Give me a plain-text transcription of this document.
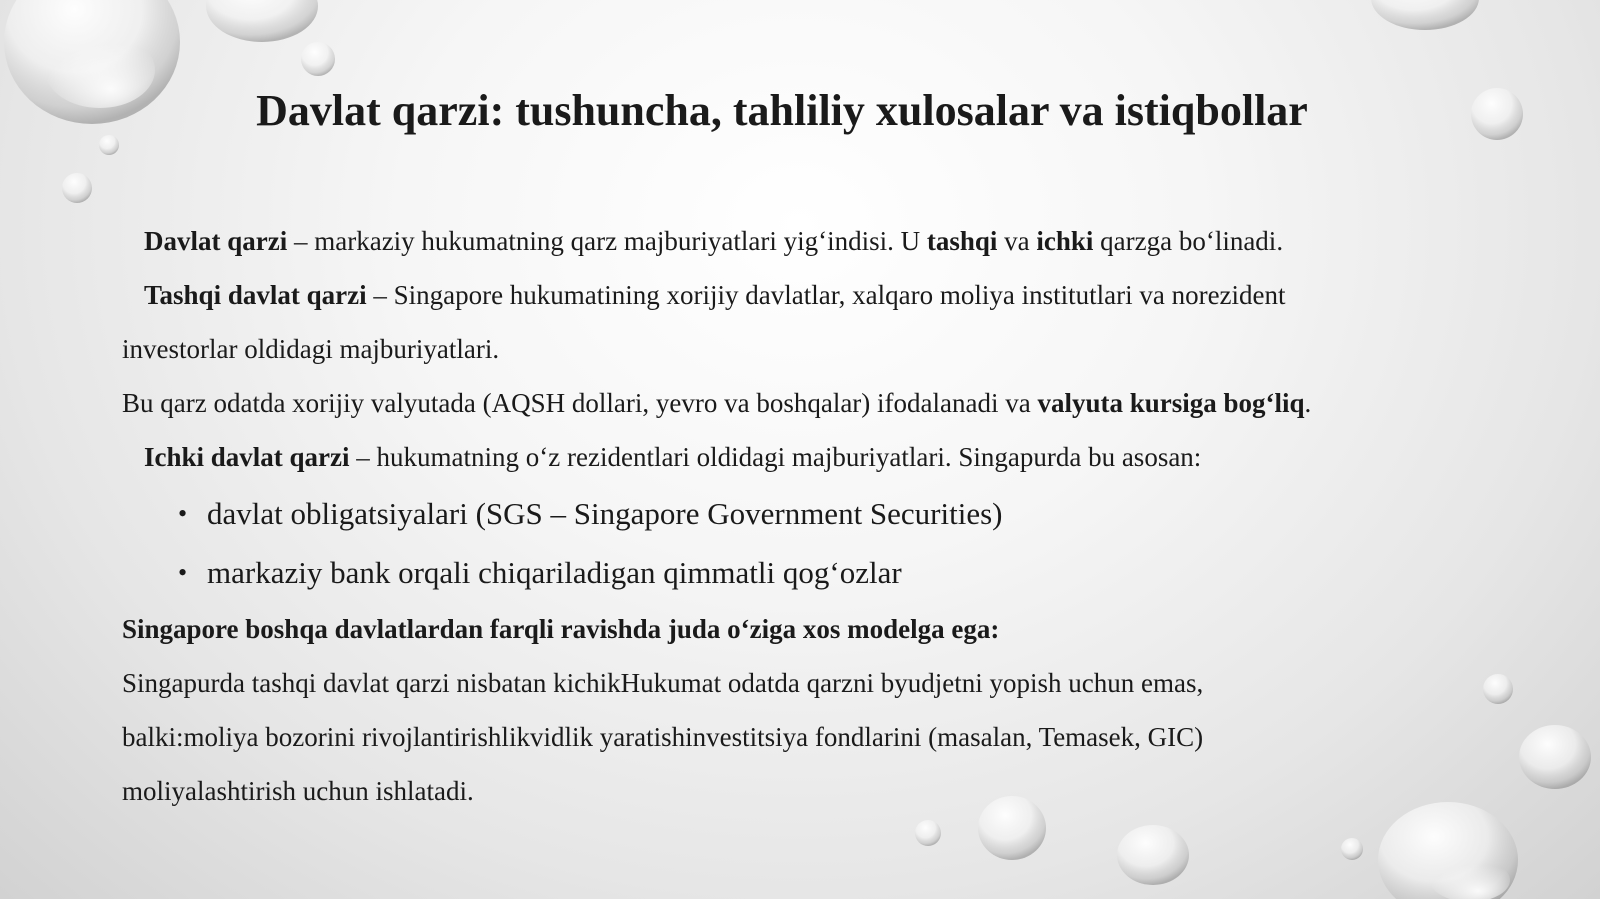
Davlat qarzi: tushuncha, tahliliy xulosalar va istiqbollar

Davlat qarzi – markaziy hukumatning qarz majburiyatlari yig‘indisi. U tashqi va ichki qarzga bo‘linadi.

Tashqi davlat qarzi – Singapore hukumatining xorijiy davlatlar, xalqaro moliya institutlari va norezident

investorlar oldidagi majburiyatlari.

Bu qarz odatda xorijiy valyutada (AQSH dollari, yevro va boshqalar) ifodalanadi va valyuta kursiga bog‘liq.

Ichki davlat qarzi – hukumatning o‘z rezidentlari oldidagi majburiyatlari. Singapurda bu asosan:

• davlat obligatsiyalari (SGS – Singapore Government Securities)
• markaziy bank orqali chiqariladigan qimmatli qog‘ozlar

Singapore boshqa davlatlardan farqli ravishda juda o‘ziga xos modelga ega:

Singapurda tashqi davlat qarzi nisbatan kichikHukumat odatda qarzni byudjetni yopish uchun emas,

balki:moliya bozorini rivojlantirishlikvidlik yaratishinvestitsiya fondlarini (masalan, Temasek, GIC)

moliyalashtirish uchun ishlatadi.
